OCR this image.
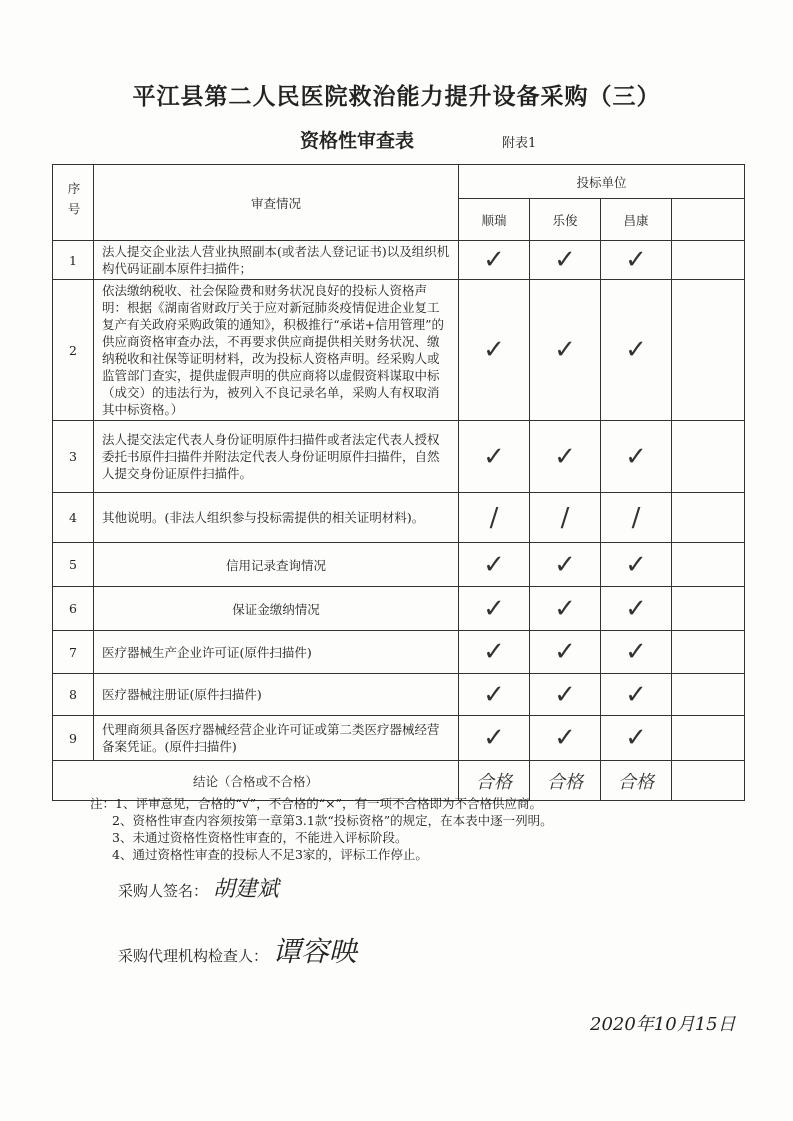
平江县第二人民医院救治能力提升设备采购（三）
资格性审查表	附表1
序号	审查情况	投标单位			
		顺瑞	乐俊	昌康	
1	法人提交企业法人营业执照副本(或者法人登记证书)以及组织机构代码证副本原件扫描件；	✓	✓	✓	
2	依法缴纳税收、社会保险费和财务状况良好的投标人资格声明：根据《湖南省财政厅关于应对新冠肺炎疫情促进企业复工复产有关政府采购政策的通知》，积极推行“承诺+信用管理”的供应商资格审查办法，不再要求供应商提供相关财务状况、缴纳税收和社保等证明材料，改为投标人资格声明。经采购人或监管部门查实，提供虚假声明的供应商将以虚假资料谋取中标（成交）的违法行为，被列入不良记录名单，采购人有权取消其中标资格。）	✓	✓	✓	
3	法人提交法定代表人身份证明原件扫描件或者法定代表人授权委托书原件扫描件并附法定代表人身份证明原件扫描件，自然人提交身份证原件扫描件。	✓	✓	✓	
4	其他说明。(非法人组织参与投标需提供的相关证明材料)。	/	/	/	
5	信用记录查询情况	✓	✓	✓	
6	保证金缴纳情况	✓	✓	✓	
7	医疗器械生产企业许可证(原件扫描件)	✓	✓	✓	
8	医疗器械注册证(原件扫描件)	✓	✓	✓	
9	代理商须具备医疗器械经营企业许可证或第二类医疗器械经营备案凭证。(原件扫描件)	✓	✓	✓	
结论（合格或不合格）		合格	合格	合格	
注：1、评审意见，合格的“√”，不合格的“×”，有一项不合格即为不合格供应商。
2、资格性审查内容须按第一章第3.1款“投标资格”的规定，在本表中逐一列明。
3、未通过资格性资格性审查的，不能进入评标阶段。
4、通过资格性审查的投标人不足3家的，评标工作停止。
采购人签名： 胡建斌
采购代理机构检查人： 谭容映
2020年10月15日
